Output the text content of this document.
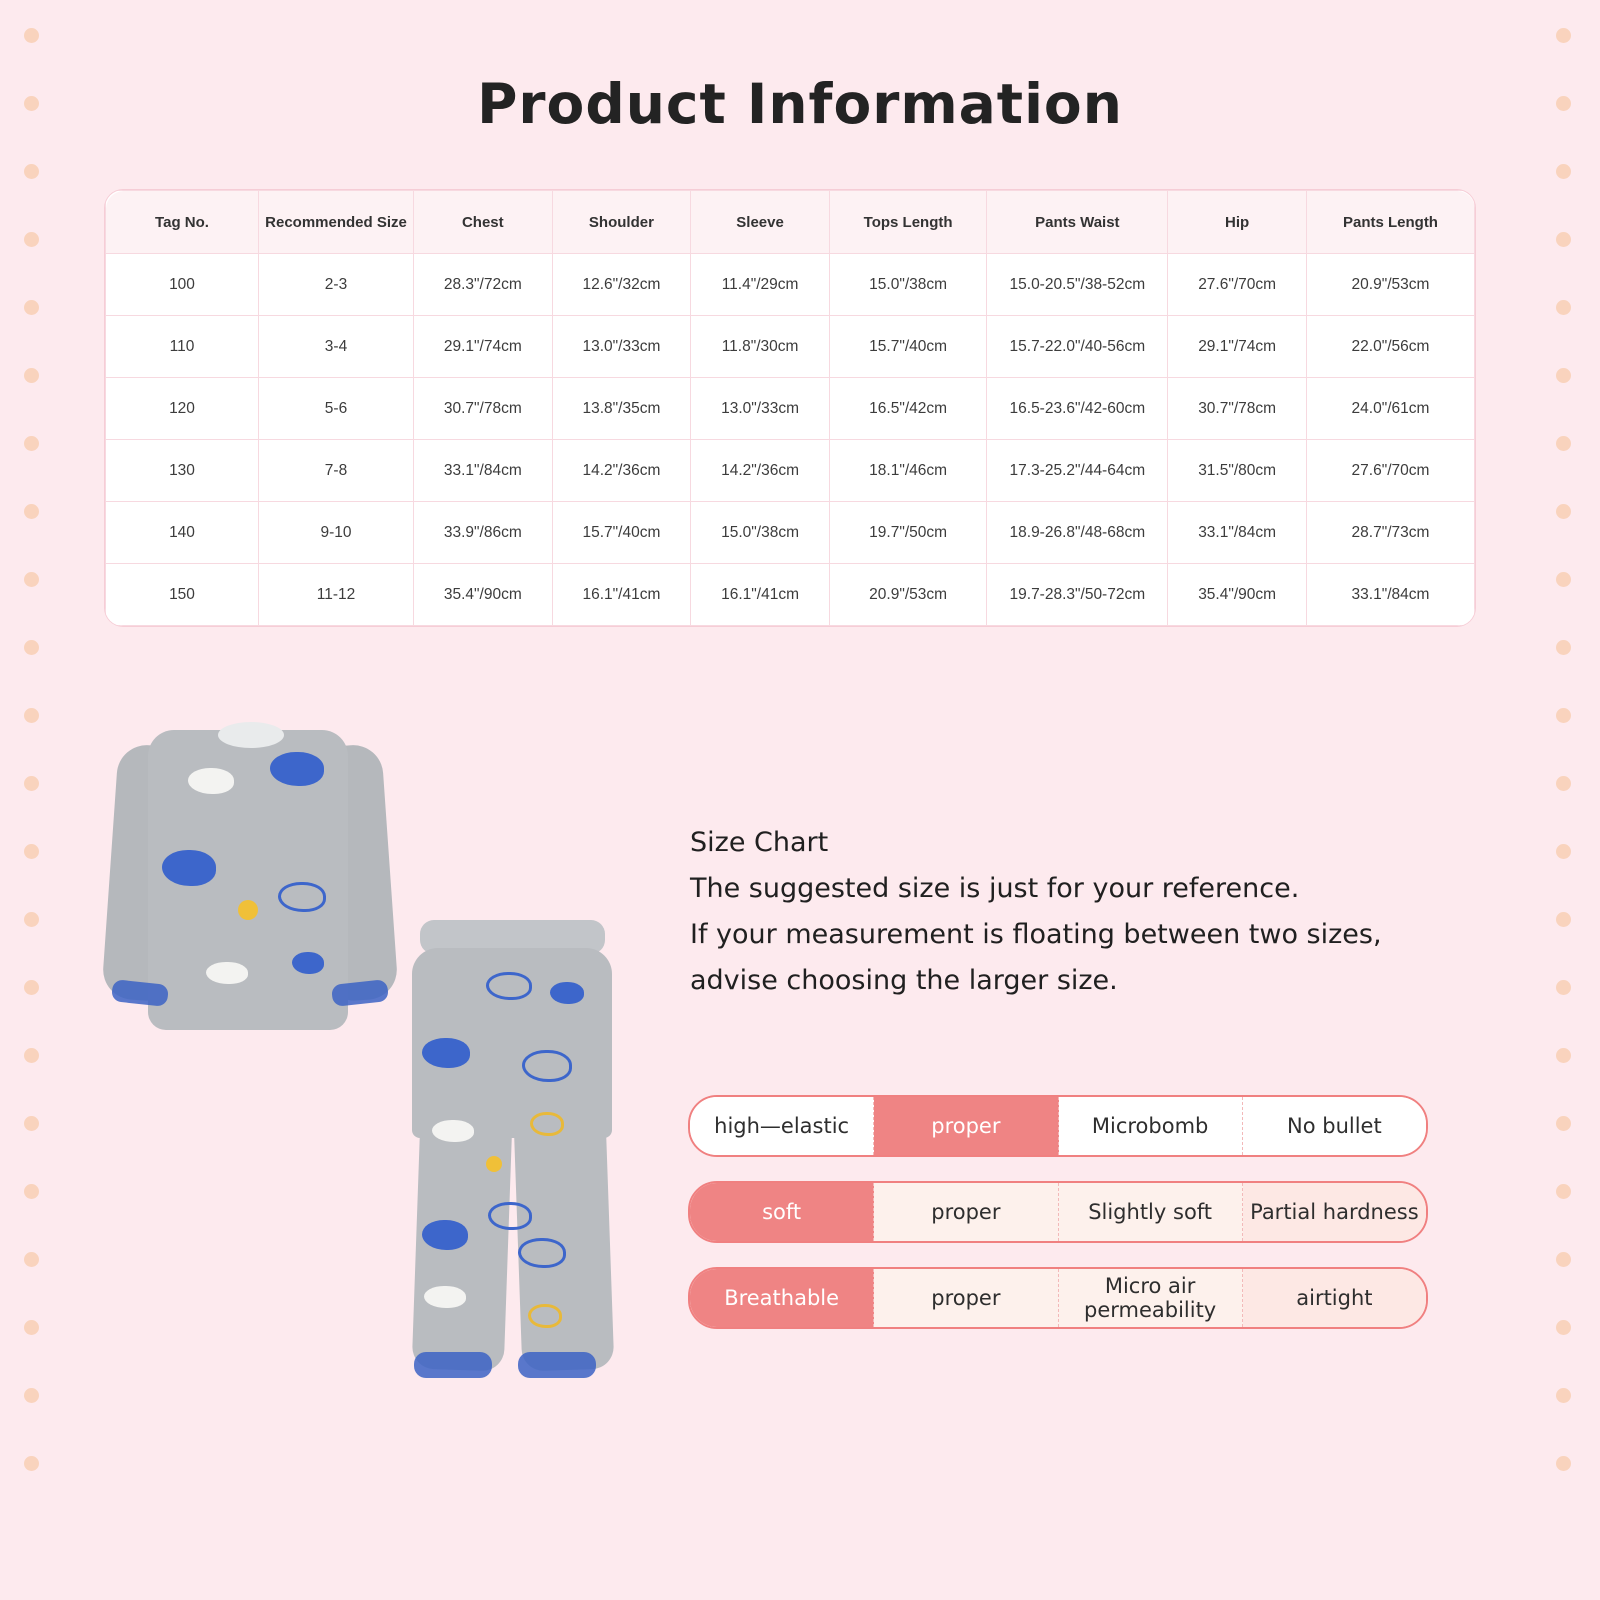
Product Information
Tag No.	Recommended Size	Chest	Shoulder	Sleeve	Tops Length	Pants Waist	Hip	Pants Length
100	2-3	28.3"/72cm	12.6"/32cm	11.4"/29cm	15.0"/38cm	15.0-20.5"/38-52cm	27.6"/70cm	20.9"/53cm
110	3-4	29.1"/74cm	13.0"/33cm	11.8"/30cm	15.7"/40cm	15.7-22.0"/40-56cm	29.1"/74cm	22.0"/56cm
120	5-6	30.7"/78cm	13.8"/35cm	13.0"/33cm	16.5"/42cm	16.5-23.6"/42-60cm	30.7"/78cm	24.0"/61cm
130	7-8	33.1"/84cm	14.2"/36cm	14.2"/36cm	18.1"/46cm	17.3-25.2"/44-64cm	31.5"/80cm	27.6"/70cm
140	9-10	33.9"/86cm	15.7"/40cm	15.0"/38cm	19.7"/50cm	18.9-26.8"/48-68cm	33.1"/84cm	28.7"/73cm
150	11-12	35.4"/90cm	16.1"/41cm	16.1"/41cm	20.9"/53cm	19.7-28.3"/50-72cm	35.4"/90cm	33.1"/84cm
Size Chart
The suggested size is just for your reference.
If your measurement is floating between two sizes,
advise choosing the larger size.
high—elastic	proper	Microbomb	No bullet
soft	proper	Slightly soft	Partial hardness
Breathable	proper	Micro air permeability	airtight
